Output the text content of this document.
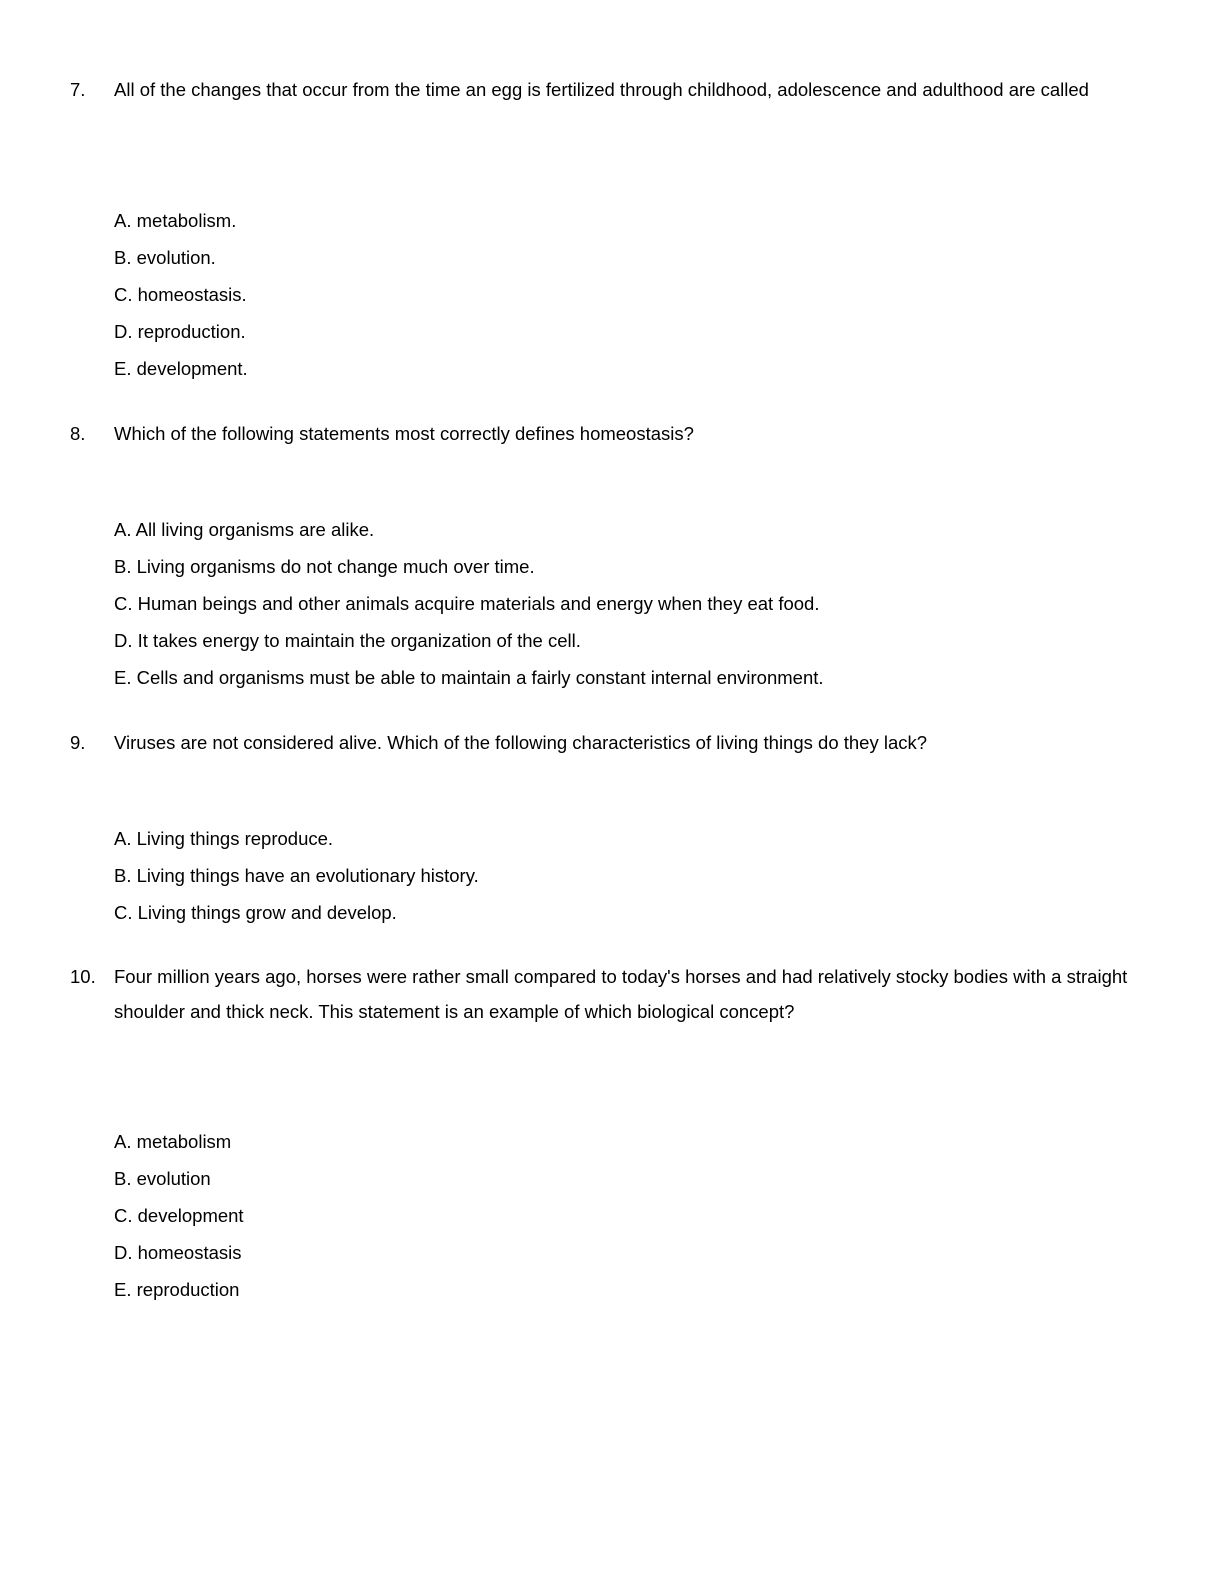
7. All of the changes that occur from the time an egg is fertilized through childhood, adolescence and adulthood are called
A. metabolism.
B. evolution.
C. homeostasis.
D. reproduction.
E. development.
8. Which of the following statements most correctly defines homeostasis?
A. All living organisms are alike.
B. Living organisms do not change much over time.
C. Human beings and other animals acquire materials and energy when they eat food.
D. It takes energy to maintain the organization of the cell.
E. Cells and organisms must be able to maintain a fairly constant internal environment.
9. Viruses are not considered alive. Which of the following characteristics of living things do they lack?
A. Living things reproduce.
B. Living things have an evolutionary history.
C. Living things grow and develop.
10. Four million years ago, horses were rather small compared to today's horses and had relatively stocky bodies with a straight shoulder and thick neck. This statement is an example of which biological concept?
A. metabolism
B. evolution
C. development
D. homeostasis
E. reproduction
